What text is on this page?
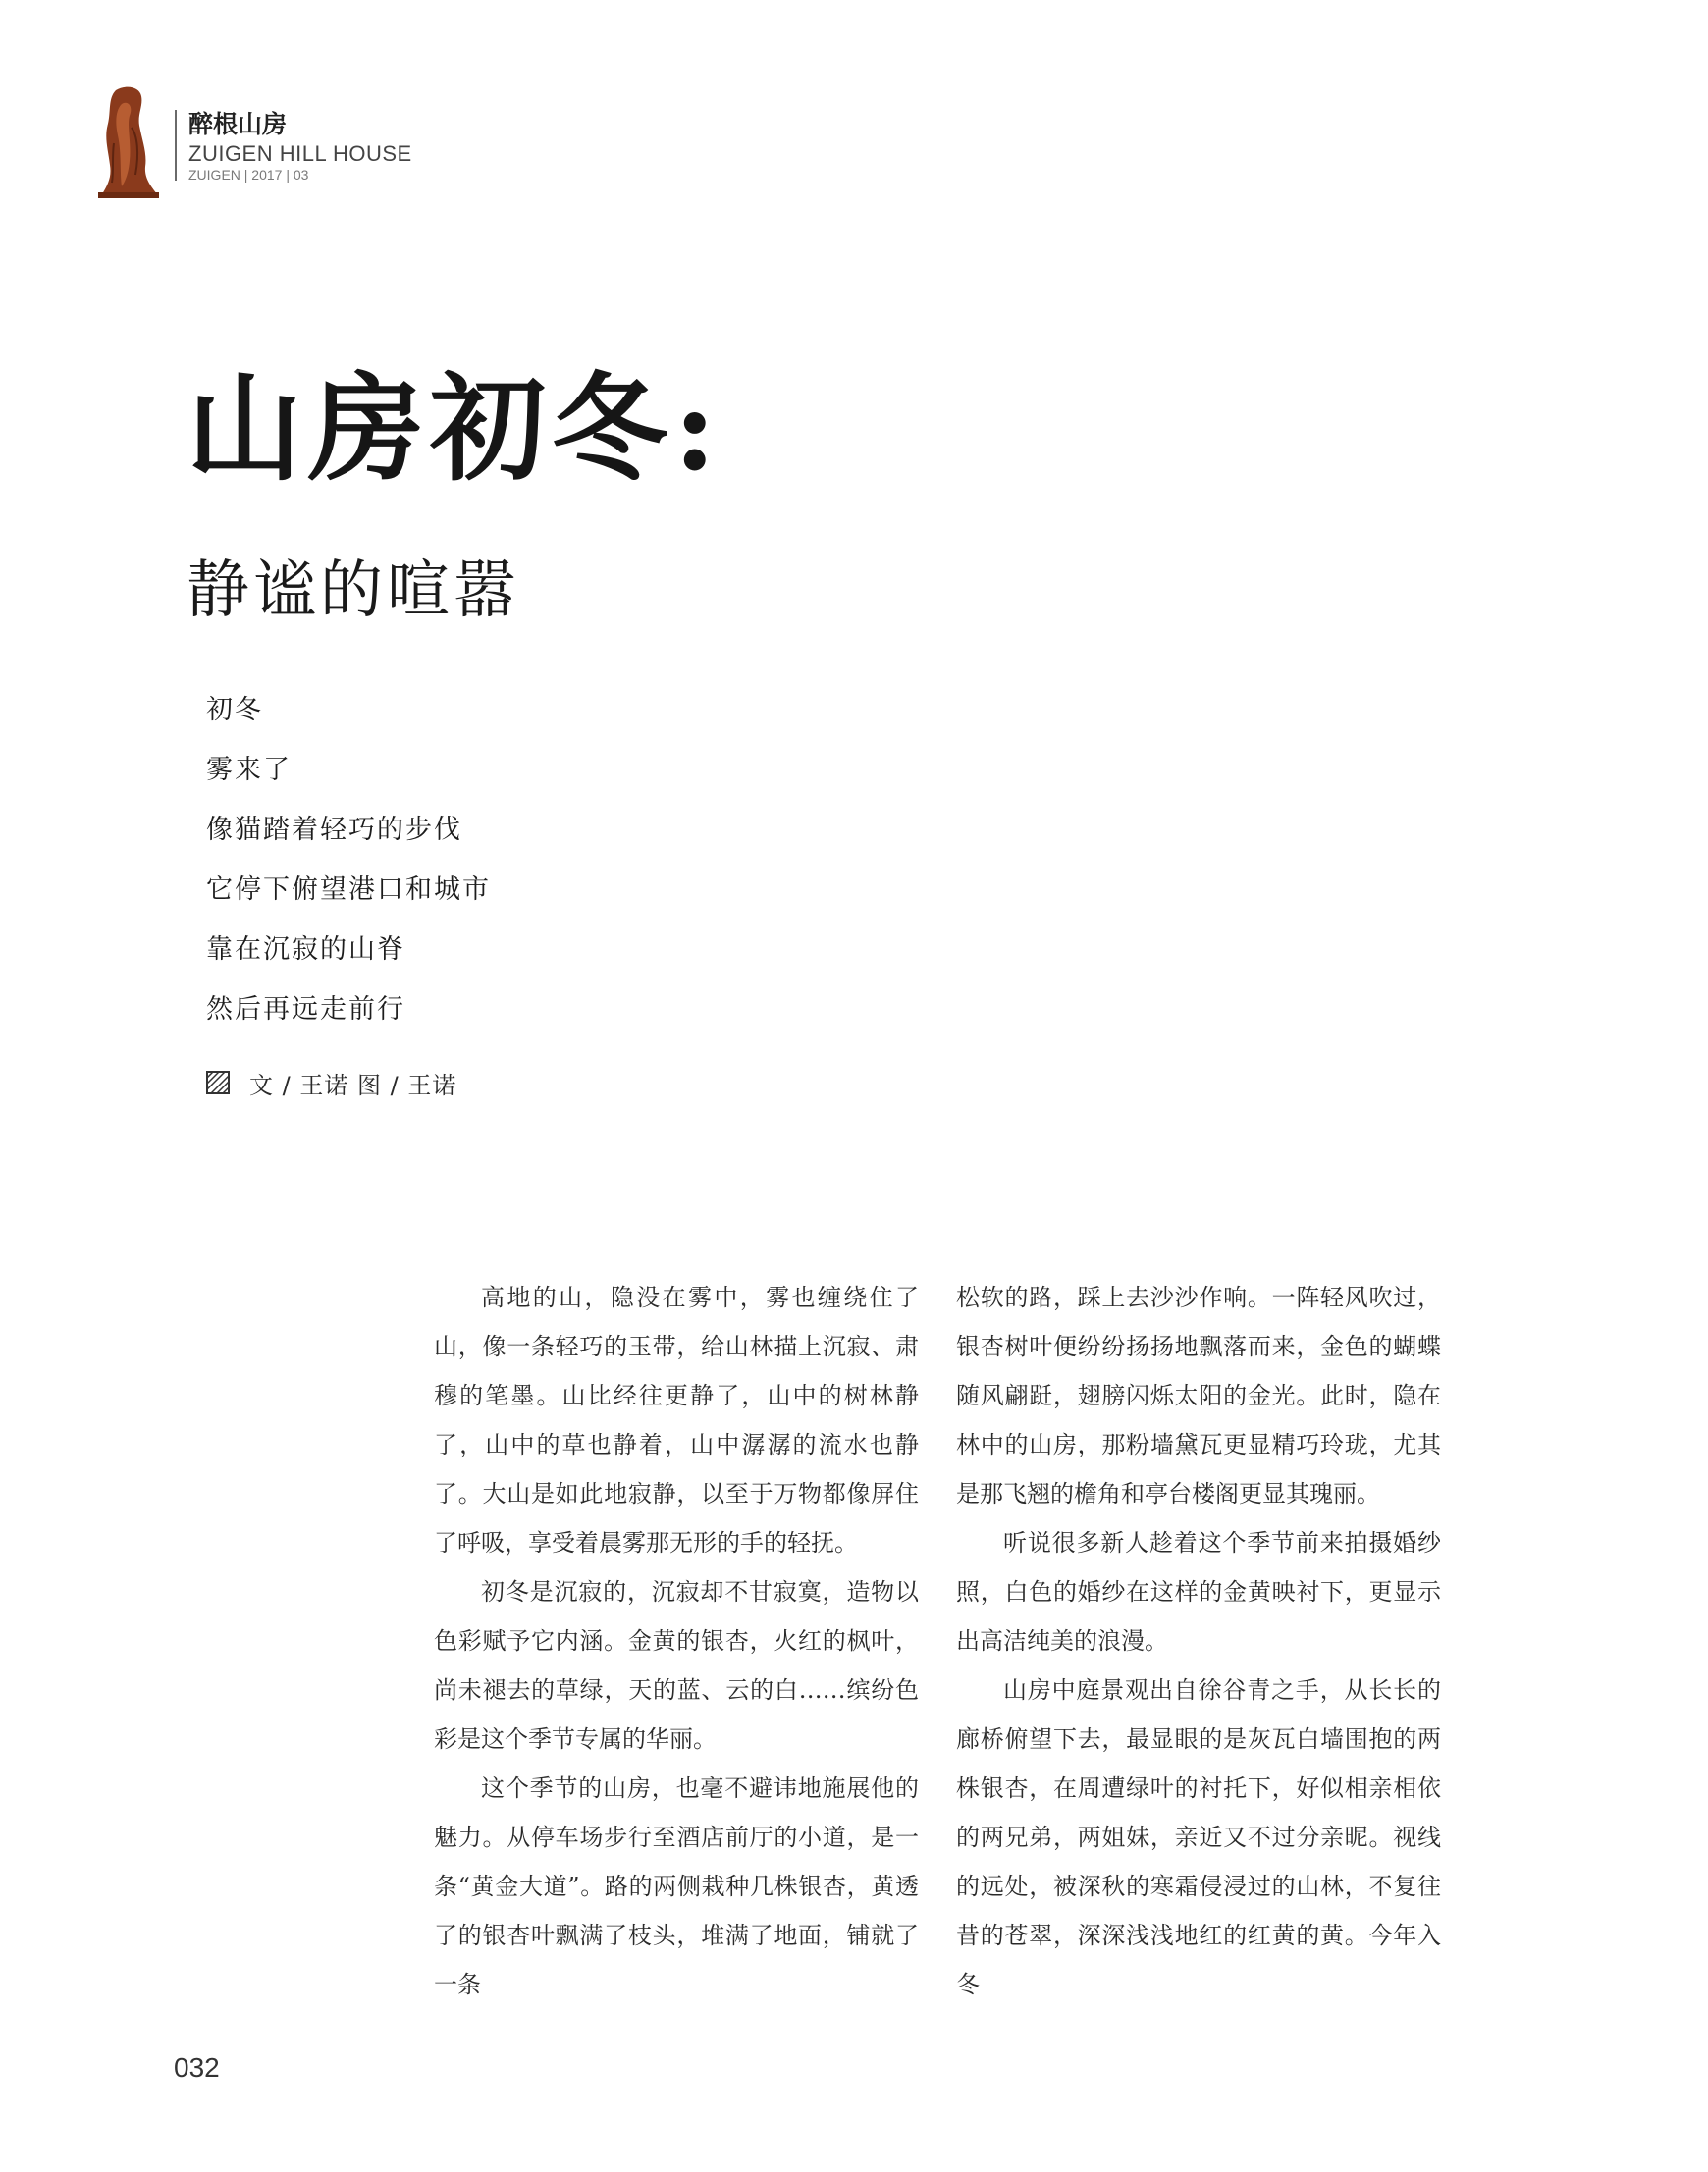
醉根山房
ZUIGEN HILL HOUSE
ZUIGEN | 2017 | 03
山房初冬:
静谧的喧嚣
初冬
雾来了
像猫踏着轻巧的步伐
它停下俯望港口和城市
靠在沉寂的山脊
然后再远走前行
文 / 王诺 图 / 王诺

高地的山，隐没在雾中，雾也缠绕住了山，像一条轻巧的玉带，给山林描上沉寂、肃穆的笔墨。山比经往更静了，山中的树林静了，山中的草也静着，山中潺潺的流水也静了。大山是如此地寂静，以至于万物都像屏住了呼吸，享受着晨雾那无形的手的轻抚。

初冬是沉寂的，沉寂却不甘寂寞，造物以色彩赋予它内涵。金黄的银杏，火红的枫叶，尚未褪去的草绿，天的蓝、云的白……缤纷色彩是这个季节专属的华丽。

这个季节的山房，也毫不避讳地施展他的魅力。从停车场步行至酒店前厅的小道，是一条“黄金大道”。路的两侧栽种几株银杏，黄透了的银杏叶飘满了枝头，堆满了地面，铺就了一条

松软的路，踩上去沙沙作响。一阵轻风吹过，银杏树叶便纷纷扬扬地飘落而来，金色的蝴蝶随风翩跹，翅膀闪烁太阳的金光。此时，隐在林中的山房，那粉墙黛瓦更显精巧玲珑，尤其是那飞翘的檐角和亭台楼阁更显其瑰丽。

听说很多新人趁着这个季节前来拍摄婚纱照，白色的婚纱在这样的金黄映衬下，更显示出高洁纯美的浪漫。

山房中庭景观出自徐谷青之手，从长长的廊桥俯望下去，最显眼的是灰瓦白墙围抱的两株银杏，在周遭绿叶的衬托下，好似相亲相依的两兄弟，两姐妹，亲近又不过分亲昵。视线的远处，被深秋的寒霜侵浸过的山林，不复往昔的苍翠，深深浅浅地红的红黄的黄。今年入冬

032
